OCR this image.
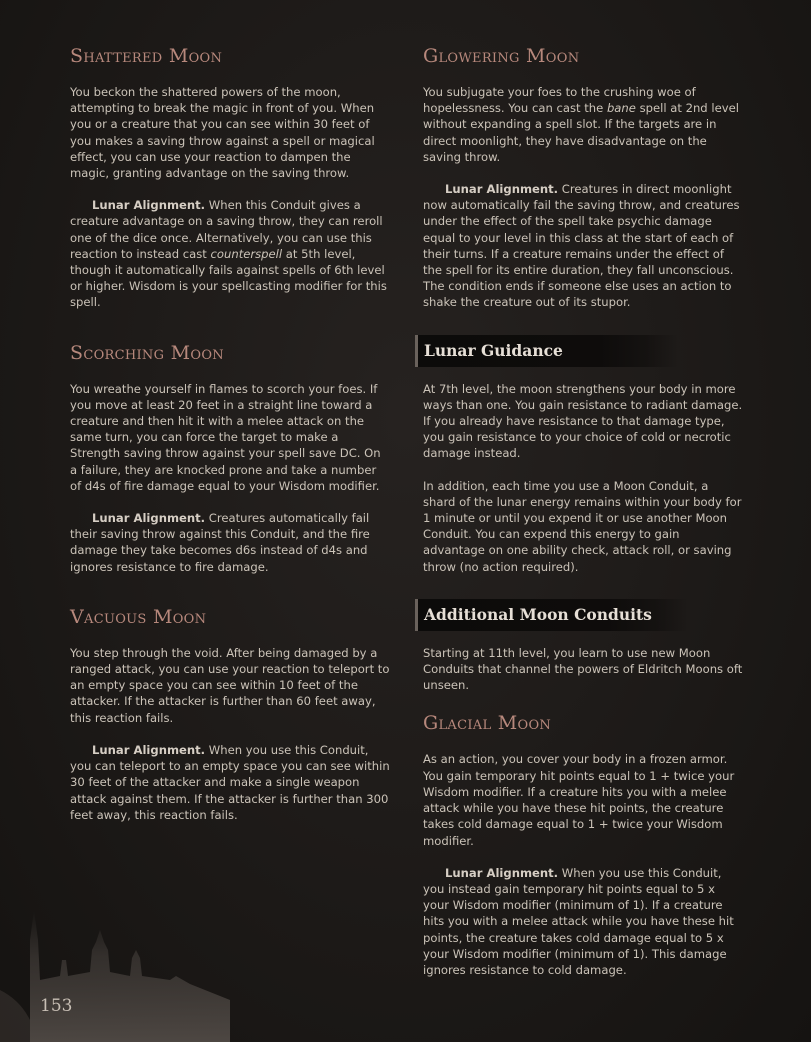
Shattered Moon

You beckon the shattered powers of the moon, attempting to break the magic in front of you. When you or a creature that you can see within 30 feet of you makes a saving throw against a spell or magical effect, you can use your reaction to dampen the magic, granting advantage on the saving throw.

Lunar Alignment. When this Conduit gives a creature advantage on a saving throw, they can reroll one of the dice once. Alternatively, you can use this reaction to instead cast counterspell at 5th level, though it automatically fails against spells of 6th level or higher. Wisdom is your spellcasting modifier for this spell.

Scorching Moon

You wreathe yourself in flames to scorch your foes. If you move at least 20 feet in a straight line toward a creature and then hit it with a melee attack on the same turn, you can force the target to make a Strength saving throw against your spell save DC. On a failure, they are knocked prone and take a number of d4s of fire damage equal to your Wisdom modifier.

Lunar Alignment. Creatures automatically fail their saving throw against this Conduit, and the fire damage they take becomes d6s instead of d4s and ignores resistance to fire damage.

Vacuous Moon

You step through the void. After being damaged by a ranged attack, you can use your reaction to teleport to an empty space you can see within 10 feet of the attacker. If the attacker is further than 60 feet away, this reaction fails.

Lunar Alignment. When you use this Conduit, you can teleport to an empty space you can see within 30 feet of the attacker and make a single weapon attack against them. If the attacker is further than 300 feet away, this reaction fails.

Glowering Moon

You subjugate your foes to the crushing woe of hopelessness. You can cast the bane spell at 2nd level without expanding a spell slot. If the targets are in direct moonlight, they have disadvantage on the saving throw.

Lunar Alignment. Creatures in direct moonlight now automatically fail the saving throw, and creatures under the effect of the spell take psychic damage equal to your level in this class at the start of each of their turns. If a creature remains under the effect of the spell for its entire duration, they fall unconscious. The condition ends if someone else uses an action to shake the creature out of its stupor.

Lunar Guidance

At 7th level, the moon strengthens your body in more ways than one. You gain resistance to radiant damage. If you already have resistance to that damage type, you gain resistance to your choice of cold or necrotic damage instead.

In addition, each time you use a Moon Conduit, a shard of the lunar energy remains within your body for 1 minute or until you expend it or use another Moon Conduit. You can expend this energy to gain advantage on one ability check, attack roll, or saving throw (no action required).

Additional Moon Conduits

Starting at 11th level, you learn to use new Moon Conduits that channel the powers of Eldritch Moons oft unseen.

Glacial Moon

As an action, you cover your body in a frozen armor. You gain temporary hit points equal to 1 + twice your Wisdom modifier. If a creature hits you with a melee attack while you have these hit points, the creature takes cold damage equal to 1 + twice your Wisdom modifier.

Lunar Alignment. When you use this Conduit, you instead gain temporary hit points equal to 5 x your Wisdom modifier (minimum of 1). If a creature hits you with a melee attack while you have these hit points, the creature takes cold damage equal to 5 x your Wisdom modifier (minimum of 1). This damage ignores resistance to cold damage.

153
